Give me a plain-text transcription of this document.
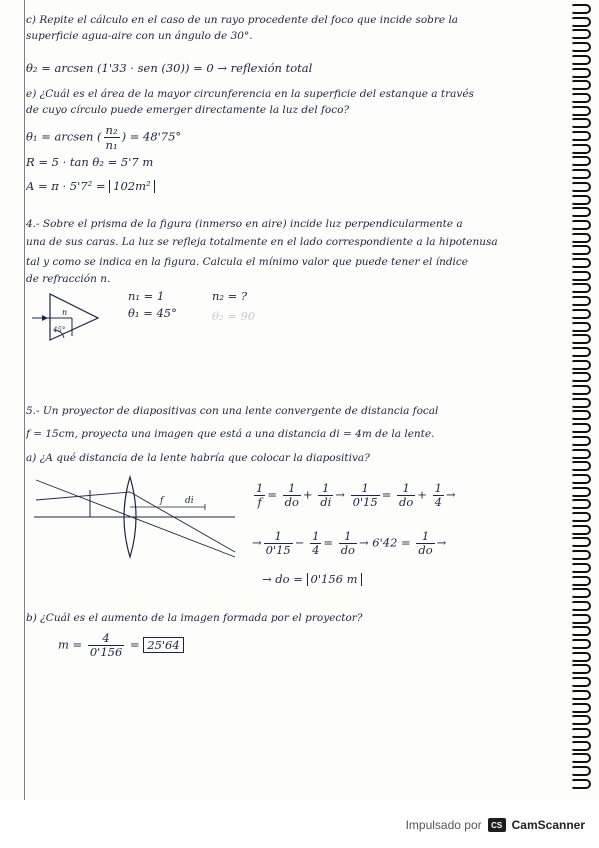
c) Repite el cálculo en el caso de un rayo procedente del foco que incide sobre la
superficie agua-aire con un ángulo de 30°.
θ₂ = arcsen (1'33 · sen (30)) = 0 → reflexión total
e) ¿Cuál es el área de la mayor circunferencia en la superficie del estanque a través
de cuyo círculo puede emerger directamente la luz del foco?
θ₁ = arcsen ( $\frac{\text{n₂}}{\text{n₁}}$ ) = 48'75°
R = 5 · tan θ₂ = 5'7 m
A = π · 5'7² = 102m²
4.- Sobre el prisma de la figura (inmerso en aire) incide luz perpendicularmente a
una de sus caras. La luz se refleja totalmente en el lado correspondiente a la hipotenusa
tal y como se indica en la figura. Calcula el mínimo valor que puede tener el índice
de refracción n.
n
45°
n₁ = 1
θ₁ = 45°
n₂ = ?
θ₂ = 90
5.- Un proyector de diapositivas con una lente convergente de distancia focal
f = 15cm, proyecta una imagen que está a una distancia di = 4m de la lente.
a) ¿A qué distancia de la lente habría que colocar la diapositiva?
f di	$\frac{1}{f} = \frac{1}{do} + \frac{1}{di} \to \frac{1}{0'15} = \frac{1}{do} + \frac{1}{4}$ →
→ $\frac{1}{0'15} - \frac{1}{4} = \frac{1}{do} \to 6'42 = \frac{1}{do}$ →
→ do = 0'156 m
b) ¿Cuál es el aumento de la imagen formada por el proyector?
$m = \frac{4}{0'156} = 25'64$
Impulsado por	CS CamScanner
